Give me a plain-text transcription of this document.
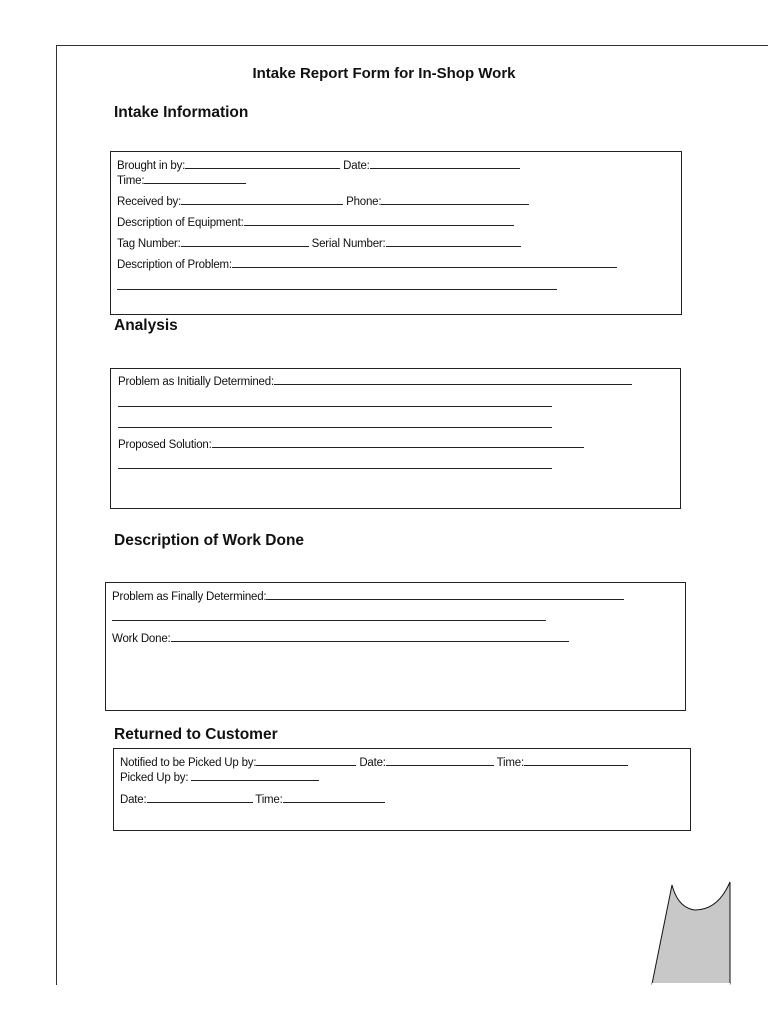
Intake Report Form for In-Shop Work
Intake Information
Brought in by:	Date:
Time:
Received by:	Phone:
Description of Equipment:
Tag Number:	Serial Number:
Description of Problem:
Analysis
Problem as Initially Determined:
Proposed Solution:
Description of Work Done
Problem as Finally Determined:
Work Done:
Returned to Customer
Notified to be Picked Up by:	Date:	Time:
Picked Up by:
Date:	Time:
